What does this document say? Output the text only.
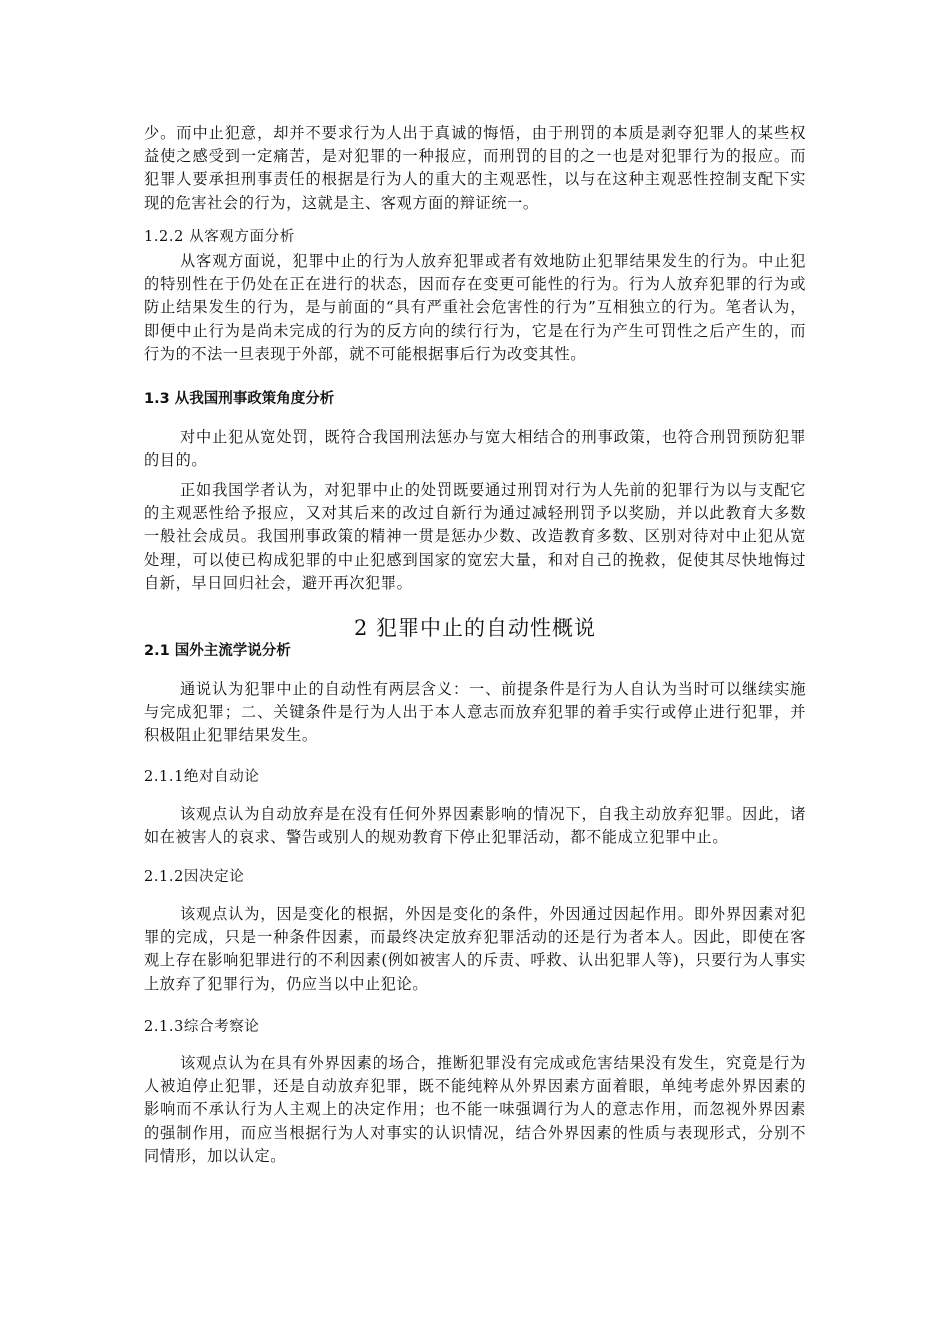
少。而中止犯意，却并不要求行为人出于真诚的悔悟，由于刑罚的本质是剥夺犯罪人的某些权益使之感受到一定痛苦，是对犯罪的一种报应，而刑罚的目的之一也是对犯罪行为的报应。而犯罪人要承担刑事责任的根据是行为人的重大的主观恶性，以与在这种主观恶性控制支配下实现的危害社会的行为，这就是主、客观方面的辩证统一。

1.2.2 从客观方面分析

从客观方面说，犯罪中止的行为人放弃犯罪或者有效地防止犯罪结果发生的行为。中止犯的特别性在于仍处在正在进行的状态，因而存在变更可能性的行为。行为人放弃犯罪的行为或防止结果发生的行为，是与前面的“具有严重社会危害性的行为”互相独立的行为。笔者认为，即便中止行为是尚未完成的行为的反方向的续行行为，它是在行为产生可罚性之后产生的，而行为的不法一旦表现于外部，就不可能根据事后行为改变其性。

1.3 从我国刑事政策角度分析

对中止犯从宽处罚，既符合我国刑法惩办与宽大相结合的刑事政策，也符合刑罚预防犯罪的目的。

正如我国学者认为，对犯罪中止的处罚既要通过刑罚对行为人先前的犯罪行为以与支配它的主观恶性给予报应，又对其后来的改过自新行为通过减轻刑罚予以奖励，并以此教育大多数一般社会成员。我国刑事政策的精神一贯是惩办少数、改造教育多数、区别对待对中止犯从宽处理，可以使已构成犯罪的中止犯感到国家的宽宏大量，和对自己的挽救，促使其尽快地悔过自新，早日回归社会，避开再次犯罪。

2 犯罪中止的自动性概说

2.1 国外主流学说分析

通说认为犯罪中止的自动性有两层含义：一、前提条件是行为人自认为当时可以继续实施与完成犯罪；二、关键条件是行为人出于本人意志而放弃犯罪的着手实行或停止进行犯罪，并积极阻止犯罪结果发生。

2.1.1绝对自动论

该观点认为自动放弃是在没有任何外界因素影响的情况下，自我主动放弃犯罪。因此，诸如在被害人的哀求、警告或别人的规劝教育下停止犯罪活动，都不能成立犯罪中止。

2.1.2因决定论

该观点认为，因是变化的根据，外因是变化的条件，外因通过因起作用。即外界因素对犯罪的完成，只是一种条件因素，而最终决定放弃犯罪活动的还是行为者本人。因此，即使在客观上存在影响犯罪进行的不利因素(例如被害人的斥责、呼救、认出犯罪人等)，只要行为人事实上放弃了犯罪行为，仍应当以中止犯论。

2.1.3综合考察论

该观点认为在具有外界因素的场合，推断犯罪没有完成或危害结果没有发生，究竟是行为人被迫停止犯罪，还是自动放弃犯罪，既不能纯粹从外界因素方面着眼，单纯考虑外界因素的影响而不承认行为人主观上的决定作用；也不能一味强调行为人的意志作用，而忽视外界因素的强制作用，而应当根据行为人对事实的认识情况，结合外界因素的性质与表现形式，分别不同情形，加以认定。
